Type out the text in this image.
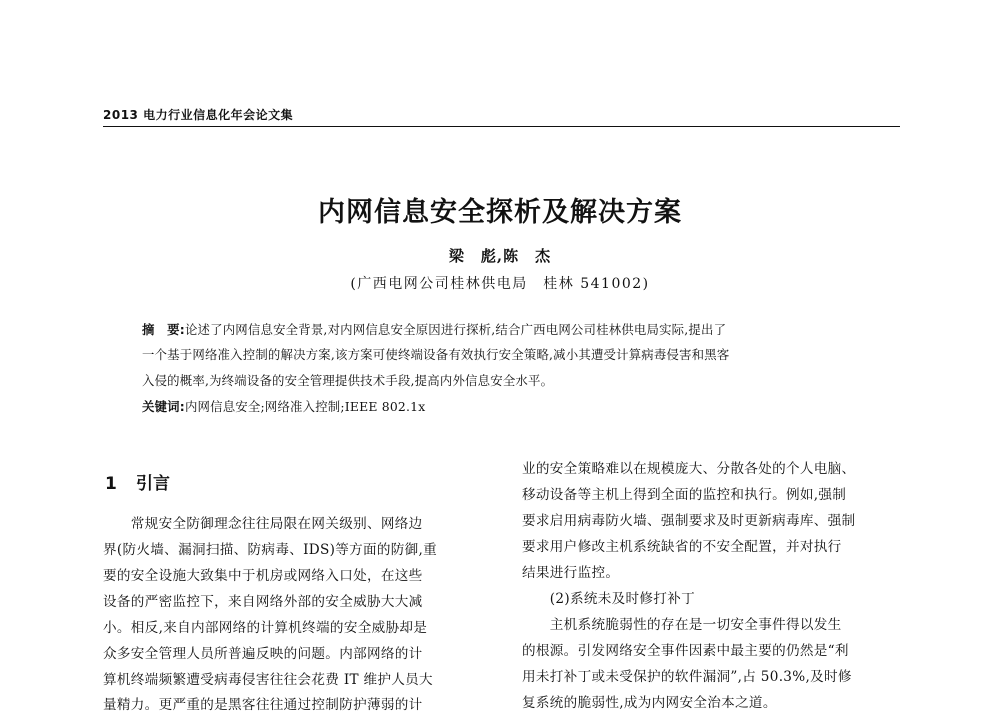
2013 电力行业信息化年会论文集
内网信息安全探析及解决方案
梁　彪,陈　杰
(广西电网公司桂林供电局　桂林 541002)
摘　要:论述了内网信息安全背景,对内网信息安全原因进行探析,结合广西电网公司桂林供电局实际,提出了
一个基于网络准入控制的解决方案,该方案可使终端设备有效执行安全策略,减小其遭受计算病毒侵害和黑客
入侵的概率,为终端设备的安全管理提供技术手段,提高内外信息安全水平。
关键词:内网信息安全;网络准入控制;IEEE 802.1x
1 引言
　　常规安全防御理念往往局限在网关级别、网络边
界(防火墙、漏洞扫描、防病毒、IDS)等方面的防御,重
要的安全设施大致集中于机房或网络入口处，在这些
设备的严密监控下，来自网络外部的安全威胁大大减
小。相反,来自内部网络的计算机终端的安全威胁却是
众多安全管理人员所普遍反映的问题。内部网络的计
算机终端频繁遭受病毒侵害往往会花费 IT 维护人员大
量精力。更严重的是黑客往往通过控制防护薄弱的计
业的安全策略难以在规模庞大、分散各处的个人电脑、
移动设备等主机上得到全面的监控和执行。例如,强制
要求启用病毒防火墙、强制要求及时更新病毒库、强制
要求用户修改主机系统缺省的不安全配置，并对执行
结果进行监控。
　　(2)系统未及时修打补丁
　　主机系统脆弱性的存在是一切安全事件得以发生
的根源。引发网络安全事件因素中最主要的仍然是“利
用未打补丁或未受保护的软件漏洞”,占 50.3%,及时修
复系统的脆弱性,成为内网安全治本之道。
